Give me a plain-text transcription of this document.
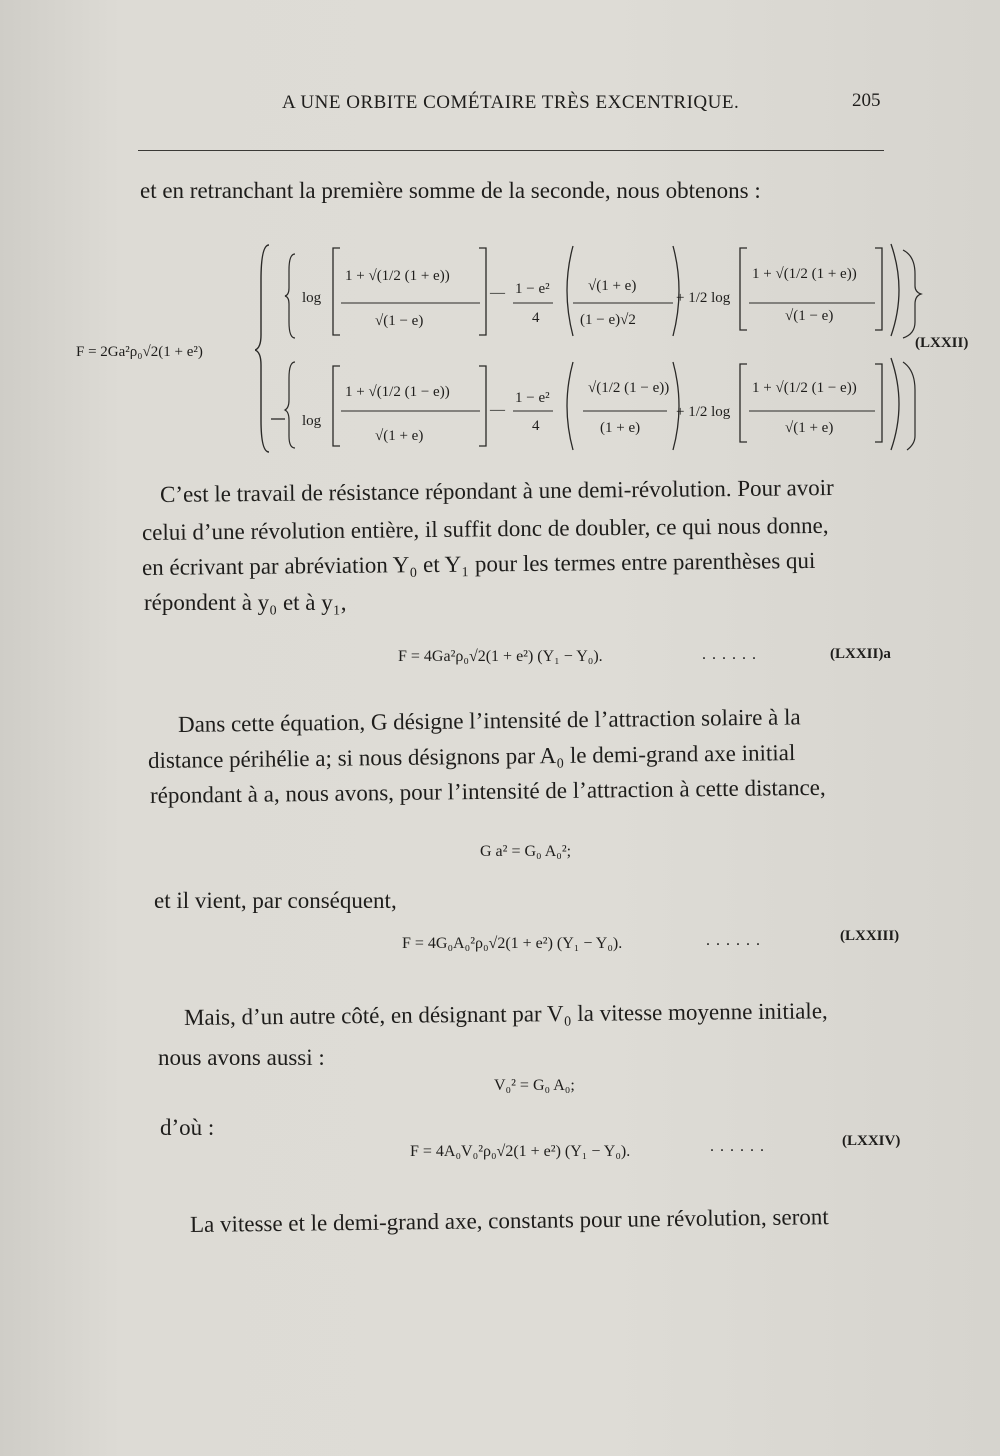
A UNE ORBITE COMÉTAIRE TRÈS EXCENTRIQUE.	205
et en retranchant la première somme de la seconde, nous obtenons :
F = 2Ga²ρ₀√2(1 + e²)
log
1 + √(1/2 (1 + e))
√(1 − e)
— 1 − e²
4
√(1 + e)
(1 − e)√2
+ 1/2 log
1 + √(1/2 (1 + e))
√(1 − e)
log
1 + √(1/2 (1 − e))
√(1 + e)
—
1 − e²
4
√(1/2 (1 − e))
(1 + e)
+ 1/2 log
1 + √(1/2 (1 − e))
√(1 + e)
(LXXII)
C’est le travail de résistance répondant à une demi-révolution. Pour avoir
celui d’une révolution entière, il suffit donc de doubler, ce qui nous donne,
en écrivant par abréviation Y₀ et Y₁ pour les termes entre parenthèses qui
répondent à y₀ et à y₁,
F = 4Ga²ρ₀√2(1 + e²) (Y₁ − Y₀).	......	(LXXII)a
Dans cette équation, G désigne l’intensité de l’attraction solaire à la
distance périhélie a; si nous désignons par A₀ le demi-grand axe initial
répondant à a, nous avons, pour l’intensité de l’attraction à cette distance,
G a² = G₀ A₀²;
et il vient, par conséquent,
F = 4G₀A₀²ρ₀√2(1 + e²) (Y₁ − Y₀).	......	(LXXIII)
Mais, d’un autre côté, en désignant par V₀ la vitesse moyenne initiale,
nous avons aussi :
V₀² = G₀ A₀;
d’où :
F = 4A₀V₀²ρ₀√2(1 + e²) (Y₁ − Y₀).	......	(LXXIV)
La vitesse et le demi-grand axe, constants pour une révolution, seront
